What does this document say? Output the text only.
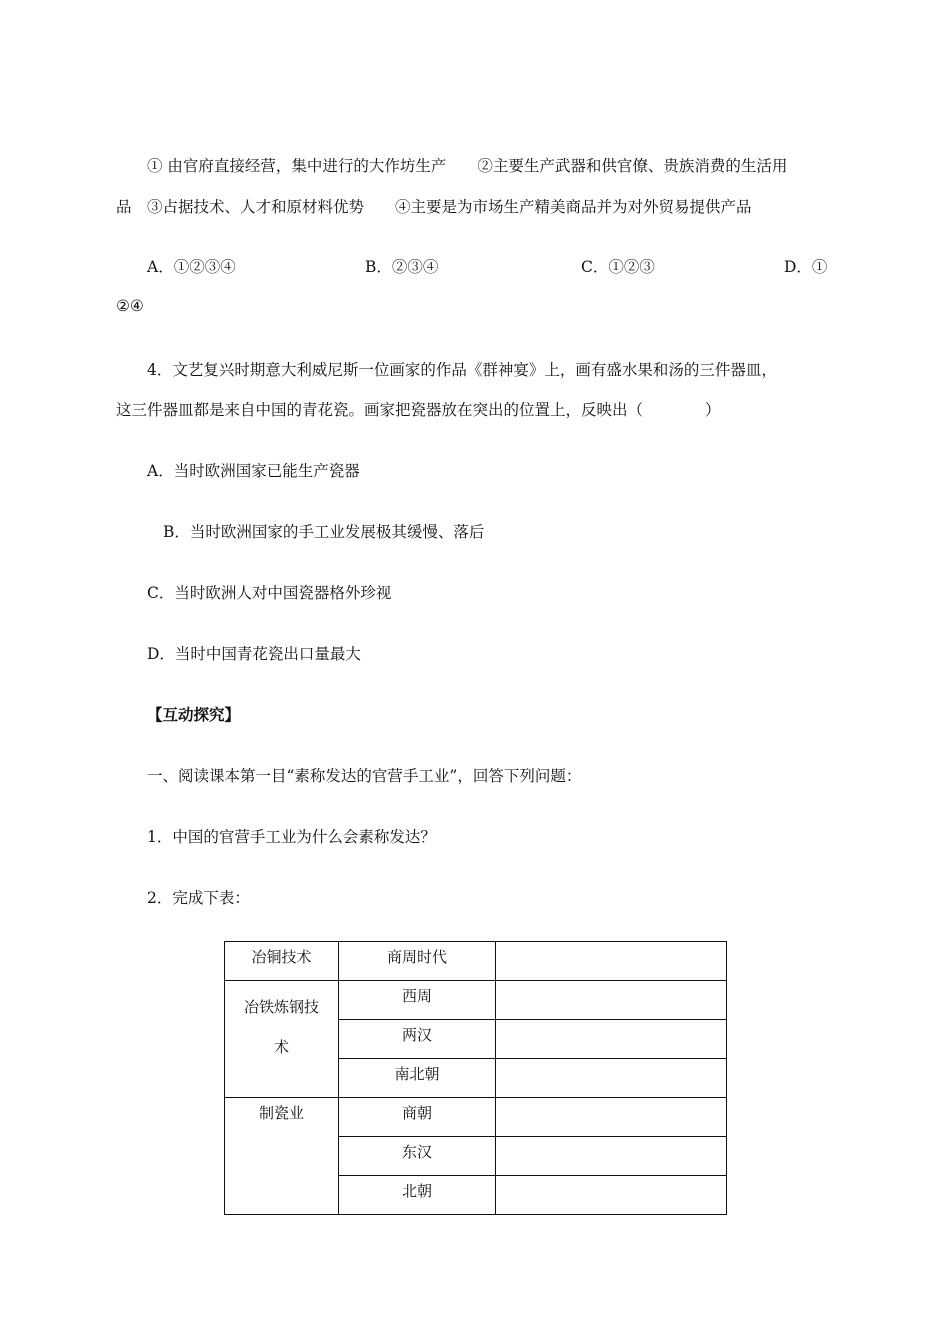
① 由官府直接经营，集中进行的大作坊生产　　②主要生产武器和供官僚、贵族消费的生活用
品　③占据技术、人才和原材料优势　　④主要是为市场生产精美商品并为对外贸易提供产品
A．①②③④	B．②③④	C．①②③	D．①
②④
4．文艺复兴时期意大利威尼斯一位画家的作品《群神宴》上，画有盛水果和汤的三件器皿，
这三件器皿都是来自中国的青花瓷。画家把瓷器放在突出的位置上，反映出（　　　　）
A．当时欧洲国家已能生产瓷器
B．当时欧洲国家的手工业发展极其缓慢、落后
C．当时欧洲人对中国瓷器格外珍视
D．当时中国青花瓷出口量最大
【互动探究】
一、阅读课本第一目“素称发达的官营手工业”，回答下列问题：
1．中国的官营手工业为什么会素称发达？
2．完成下表：
冶铜技术	商周时代	

冶铁炼钢技
术	西周	

	两汉	

	南北朝	

制瓷业	商朝	

	东汉	

	北朝	
